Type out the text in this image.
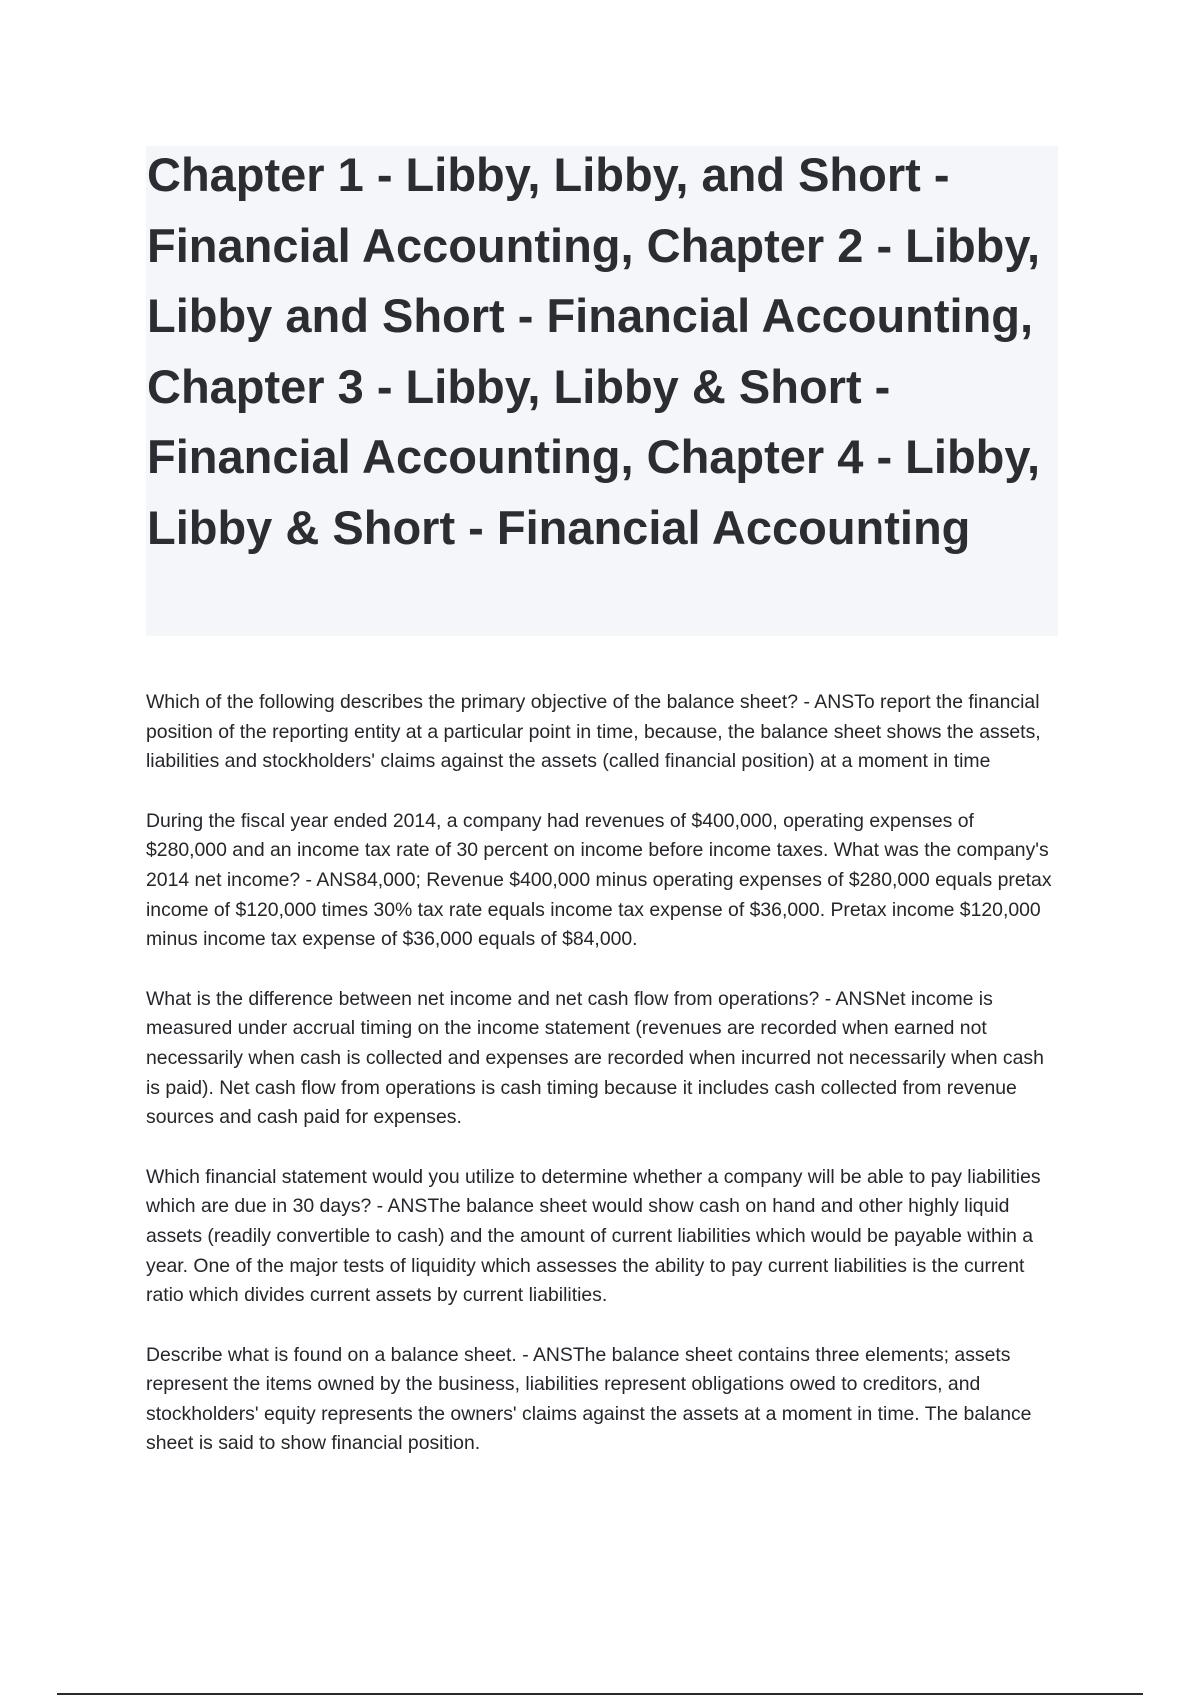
Chapter 1 - Libby, Libby, and Short - Financial Accounting, Chapter 2 - Libby, Libby and Short - Financial Accounting, Chapter 3 - Libby, Libby & Short - Financial Accounting, Chapter 4 - Libby, Libby & Short - Financial Accounting

Which of the following describes the primary objective of the balance sheet? - ANSTo report the financial position of the reporting entity at a particular point in time, because, the balance sheet shows the assets, liabilities and stockholders' claims against the assets (called financial position) at a moment in time

During the fiscal year ended 2014, a company had revenues of $400,000, operating expenses of $280,000 and an income tax rate of 30 percent on income before income taxes. What was the company's 2014 net income? - ANS84,000; Revenue $400,000 minus operating expenses of $280,000 equals pretax income of $120,000 times 30% tax rate equals income tax expense of $36,000. Pretax income $120,000 minus income tax expense of $36,000 equals of $84,000.

What is the difference between net income and net cash flow from operations? - ANSNet income is measured under accrual timing on the income statement (revenues are recorded when earned not necessarily when cash is collected and expenses are recorded when incurred not necessarily when cash is paid). Net cash flow from operations is cash timing because it includes cash collected from revenue sources and cash paid for expenses.

Which financial statement would you utilize to determine whether a company will be able to pay liabilities which are due in 30 days? - ANSThe balance sheet would show cash on hand and other highly liquid assets (readily convertible to cash) and the amount of current liabilities which would be payable within a year. One of the major tests of liquidity which assesses the ability to pay current liabilities is the current ratio which divides current assets by current liabilities.

Describe what is found on a balance sheet. - ANSThe balance sheet contains three elements; assets represent the items owned by the business, liabilities represent obligations owed to creditors, and stockholders' equity represents the owners' claims against the assets at a moment in time. The balance sheet is said to show financial position.
